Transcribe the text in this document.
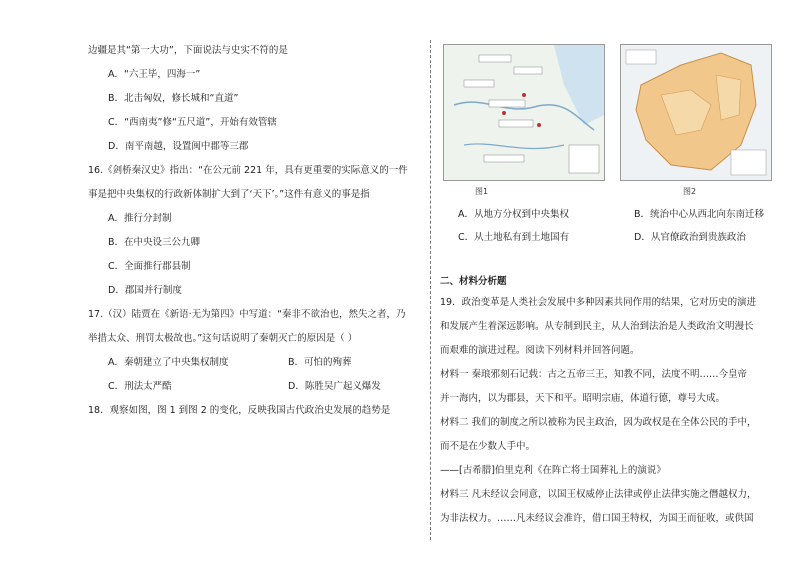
边疆是其“第一大功”，下面说法与史实不符的是
A．“六王毕，四海一”
B．北击匈奴，修长城和“直道”
C．“西南夷”修“五尺道”，开始有效管辖
D．南平南越，设置闽中郡等三郡
16.《剑桥秦汉史》指出：“在公元前 221 年，具有更重要的实际意义的一件
事是把中央集权的行政新体制扩大到了‘天下’。”这件有意义的事是指
A．推行分封制
B．在中央设三公九卿
C．全面推行郡县制
D．郡国并行制度
17.（汉）陆贾在《新语·无为第四》中写道：“秦非不欲治也，然失之者，乃
举措太众、刑罚太极故也。”这句话说明了秦朝灭亡的原因是（ ）
A．秦朝建立了中央集权制度	B．可怕的殉葬
C．刑法太严酷	D．陈胜吴广起义爆发
18．观察如图，图 1 到图 2 的变化，反映我国古代政治史发展的趋势是
图1	图2
A．从地方分权到中央集权	B．统治中心从西北向东南迁移
C．从土地私有到土地国有	D．从官僚政治到贵族政治
二、材料分析题
19．政治变革是人类社会发展中多种因素共同作用的结果，它对历史的演进
和发展产生着深远影响。从专制到民主，从人治到法治是人类政治文明漫长
而艰难的演进过程。阅读下列材料并回答问题。
材料一 秦琅邪刻石记载：古之五帝三王，知教不同，法度不明……今皇帝
并一海内，以为郡县，天下和平。昭明宗庙，体道行德，尊号大成。
材料二 我们的制度之所以被称为民主政治，因为政权是在全体公民的手中，
而不是在少数人手中。
——[古希腊]伯里克利《在阵亡将士国葬礼上的演说》
材料三 凡未经议会同意，以国王权威停止法律或停止法律实施之僭越权力，
为非法权力。……凡未经议会准许，借口国王特权，为国王而征收，或供国
